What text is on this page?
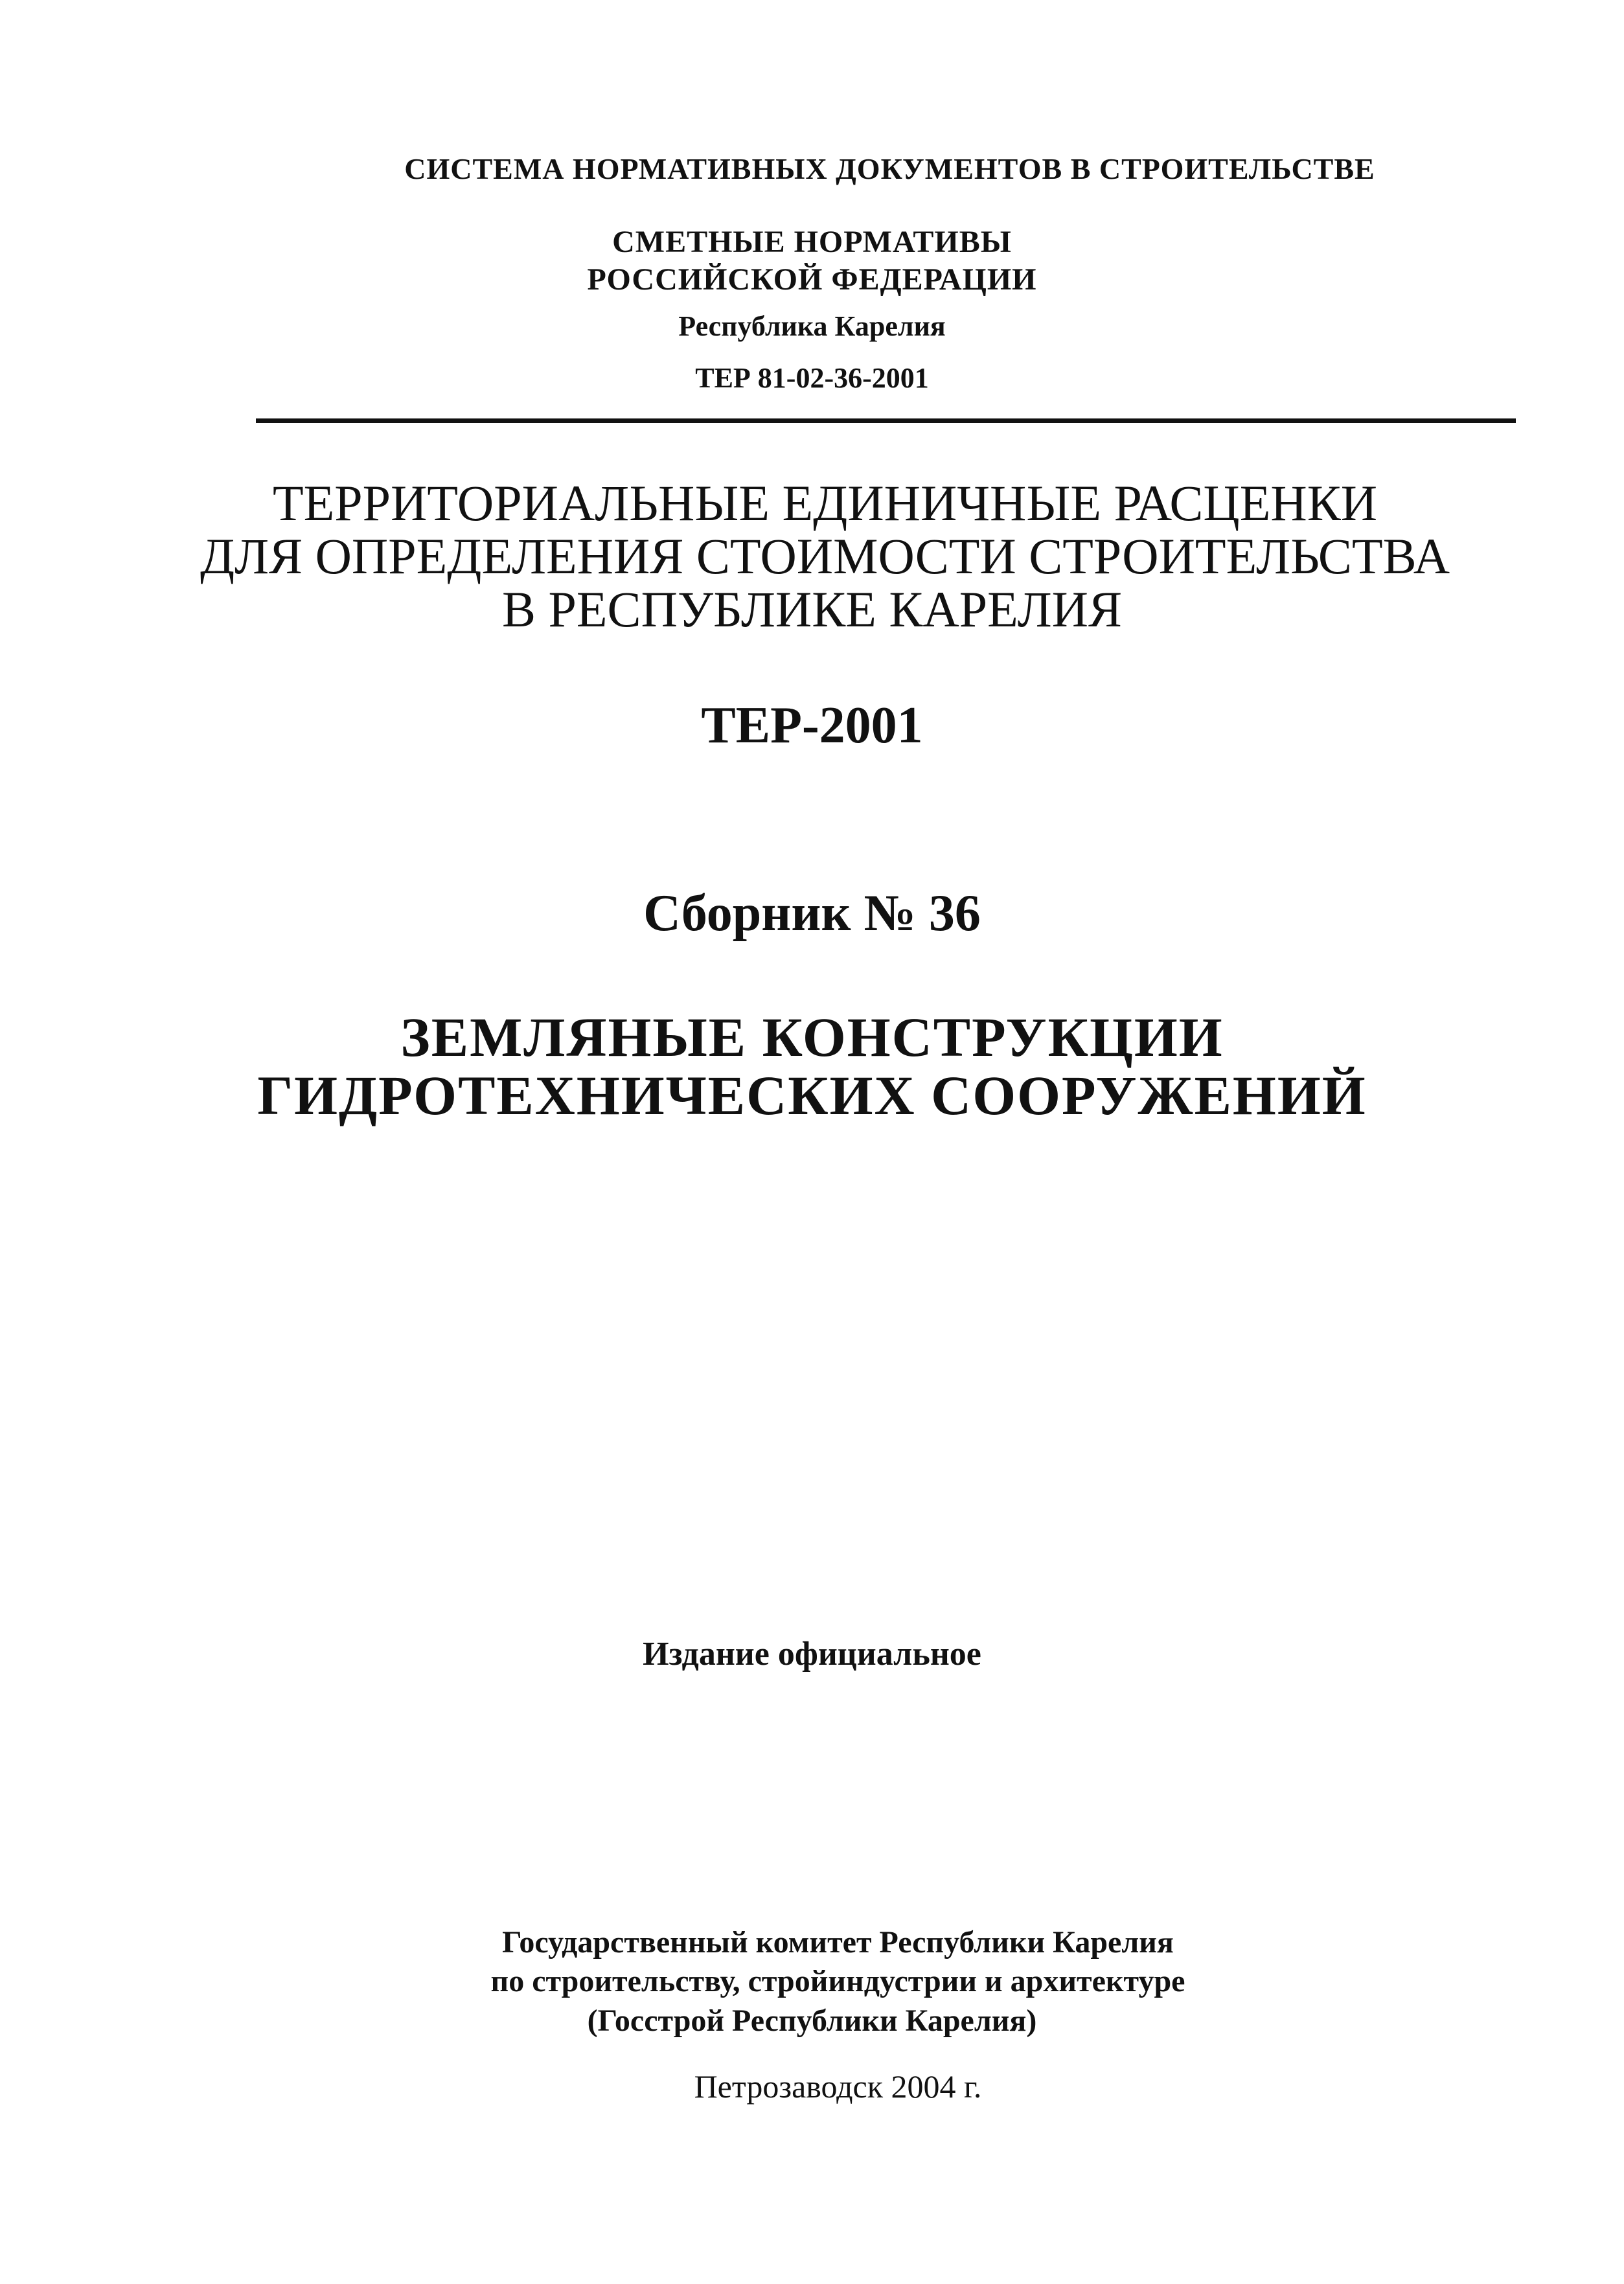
СИСТЕМА НОРМАТИВНЫХ ДОКУМЕНТОВ В СТРОИТЕЛЬСТВЕ
СМЕТНЫЕ НОРМАТИВЫ
РОССИЙСКОЙ ФЕДЕРАЦИИ
Республика Карелия
ТЕР 81-02-36-2001
ТЕРРИТОРИАЛЬНЫЕ ЕДИНИЧНЫЕ РАСЦЕНКИ
ДЛЯ ОПРЕДЕЛЕНИЯ СТОИМОСТИ СТРОИТЕЛЬСТВА
В РЕСПУБЛИКЕ КАРЕЛИЯ
ТЕР-2001
Сборник № 36
ЗЕМЛЯНЫЕ КОНСТРУКЦИИ
ГИДРОТЕХНИЧЕСКИХ СООРУЖЕНИЙ
Издание официальное
Государственный комитет Республики Карелия
по строительству, стройиндустрии и архитектуре
(Госстрой Республики Карелия)
Петрозаводск 2004 г.
